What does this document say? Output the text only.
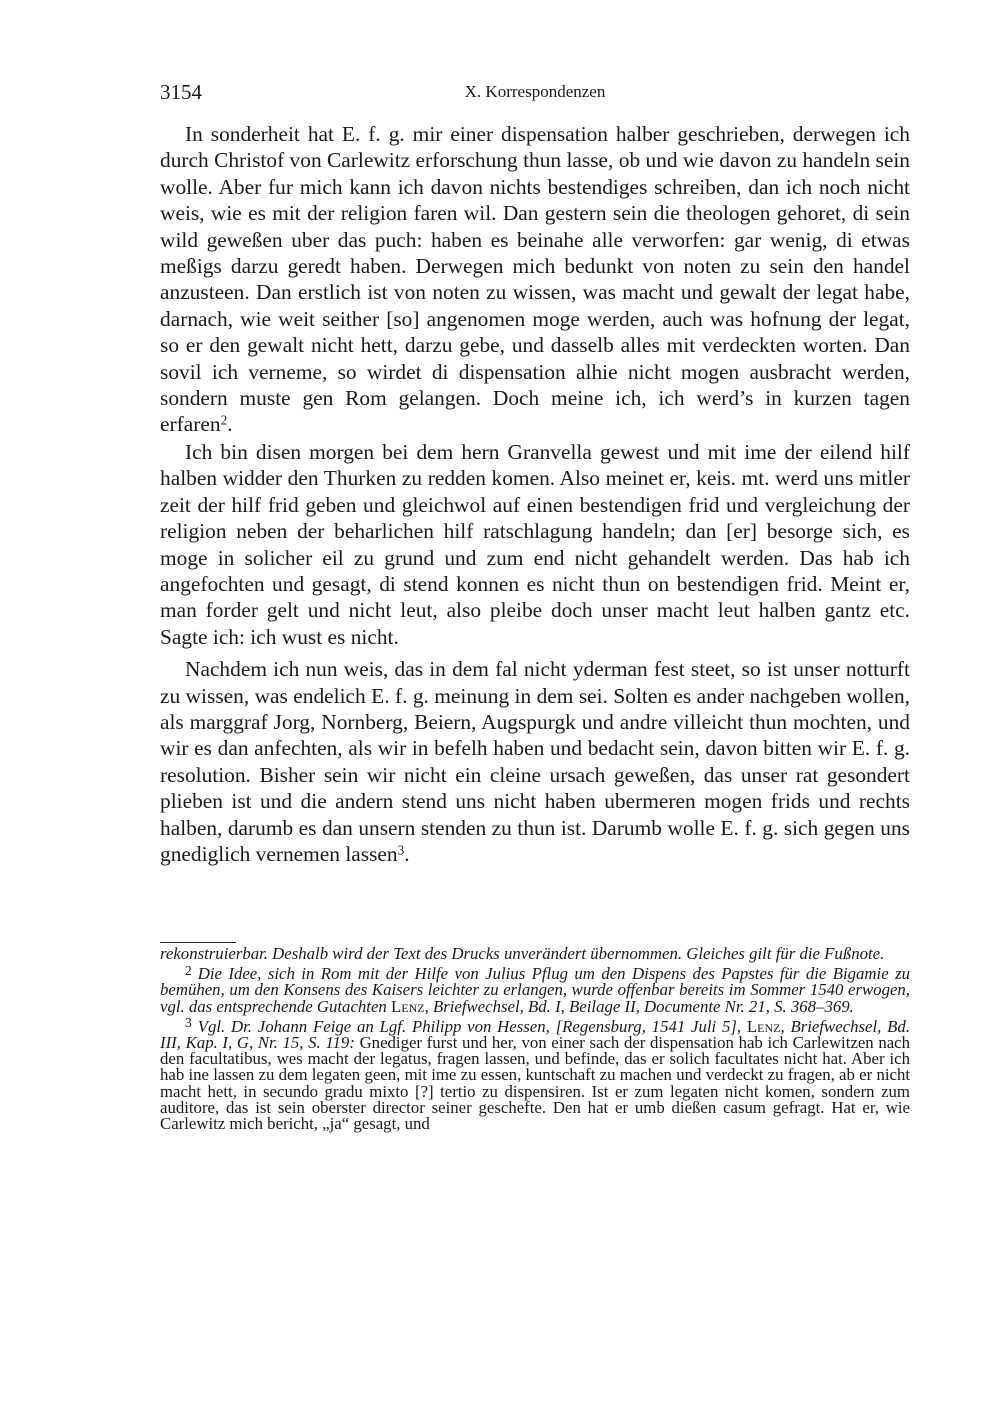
3154	X. Korrespondenzen

In sonderheit hat E. f. g. mir einer dispensation halber geschrieben, derwegen ich durch Christof von Carlewitz erforschung thun lasse, ob und wie davon zu handeln sein wolle. Aber fur mich kann ich davon nichts bestendiges schreiben, dan ich noch nicht weis, wie es mit der religion faren wil. Dan gestern sein die theologen gehoret, di sein wild geweßen uber das puch: haben es beinahe alle verworfen: gar wenig, di etwas meßigs darzu geredt haben. Derwegen mich bedunkt von noten zu sein den handel anzusteen. Dan erstlich ist von noten zu wissen, was macht und gewalt der legat habe, darnach, wie weit seither [so] angenomen moge werden, auch was hofnung der legat, so er den gewalt nicht hett, darzu gebe, und dasselb alles mit verdeckten worten. Dan sovil ich verneme, so wirdet di dispensation alhie nicht mogen ausbracht werden, sondern muste gen Rom gelangen. Doch meine ich, ich werd’s in kurzen tagen erfaren$^2$.

Ich bin disen morgen bei dem hern Granvella gewest und mit ime der eilend hilf halben widder den Thurken zu redden komen. Also meinet er, keis. mt. werd uns mitler zeit der hilf frid geben und gleichwol auf einen bestendigen frid und vergleichung der religion neben der beharlichen hilf ratschlagung handeln; dan [er] besorge sich, es moge in solicher eil zu grund und zum end nicht gehandelt werden. Das hab ich angefochten und gesagt, di stend konnen es nicht thun on bestendigen frid. Meint er, man forder gelt und nicht leut, also pleibe doch unser macht leut halben gantz etc. Sagte ich: ich wust es nicht.

Nachdem ich nun weis, das in dem fal nicht yderman fest steet, so ist unser notturft zu wissen, was endelich E. f. g. meinung in dem sei. Solten es ander nachgeben wollen, als marggraf Jorg, Nornberg, Beiern, Augspurgk und andre villeicht thun mochten, und wir es dan anfechten, als wir in befelh haben und bedacht sein, davon bitten wir E. f. g. resolution. Bisher sein wir nicht ein cleine ursach geweßen, das unser rat gesondert plieben ist und die andern stend uns nicht haben ubermeren mogen frids und rechts halben, darumb es dan unsern stenden zu thun ist. Darumb wolle E. f. g. sich gegen uns gnediglich vernemen lassen$^3$.

rekonstruierbar. Deshalb wird der Text des Drucks unverändert übernommen. Gleiches gilt für die Fußnote.

$^2$ Die Idee, sich in Rom mit der Hilfe von Julius Pflug um den Dispens des Papstes für die Bigamie zu bemühen, um den Konsens des Kaisers leichter zu erlangen, wurde offenbar bereits im Sommer 1540 erwogen, vgl. das entsprechende Gutachten Lenz, Briefwechsel, Bd. I, Beilage II, Documente Nr. 21, S. 368–369.

$^3$ Vgl. Dr. Johann Feige an Lgf. Philipp von Hessen, [Regensburg, 1541 Juli 5], Lenz, Briefwechsel, Bd. III, Kap. I, G, Nr. 15, S. 119: Gnediger furst und her, von einer sach der dispensation hab ich Carlewitzen nach den facultatibus, wes macht der legatus, fragen lassen, und befinde, das er solich facultates nicht hat. Aber ich hab ine lassen zu dem legaten geen, mit ime zu essen, kuntschaft zu machen und verdeckt zu fragen, ab er nicht macht hett, in secundo gradu mixto [?] tertio zu dispensiren. Ist er zum legaten nicht komen, sondern zum auditore, das ist sein oberster director seiner geschefte. Den hat er umb dießen casum gefragt. Hat er, wie Carlewitz mich bericht, „ja“ gesagt, und
